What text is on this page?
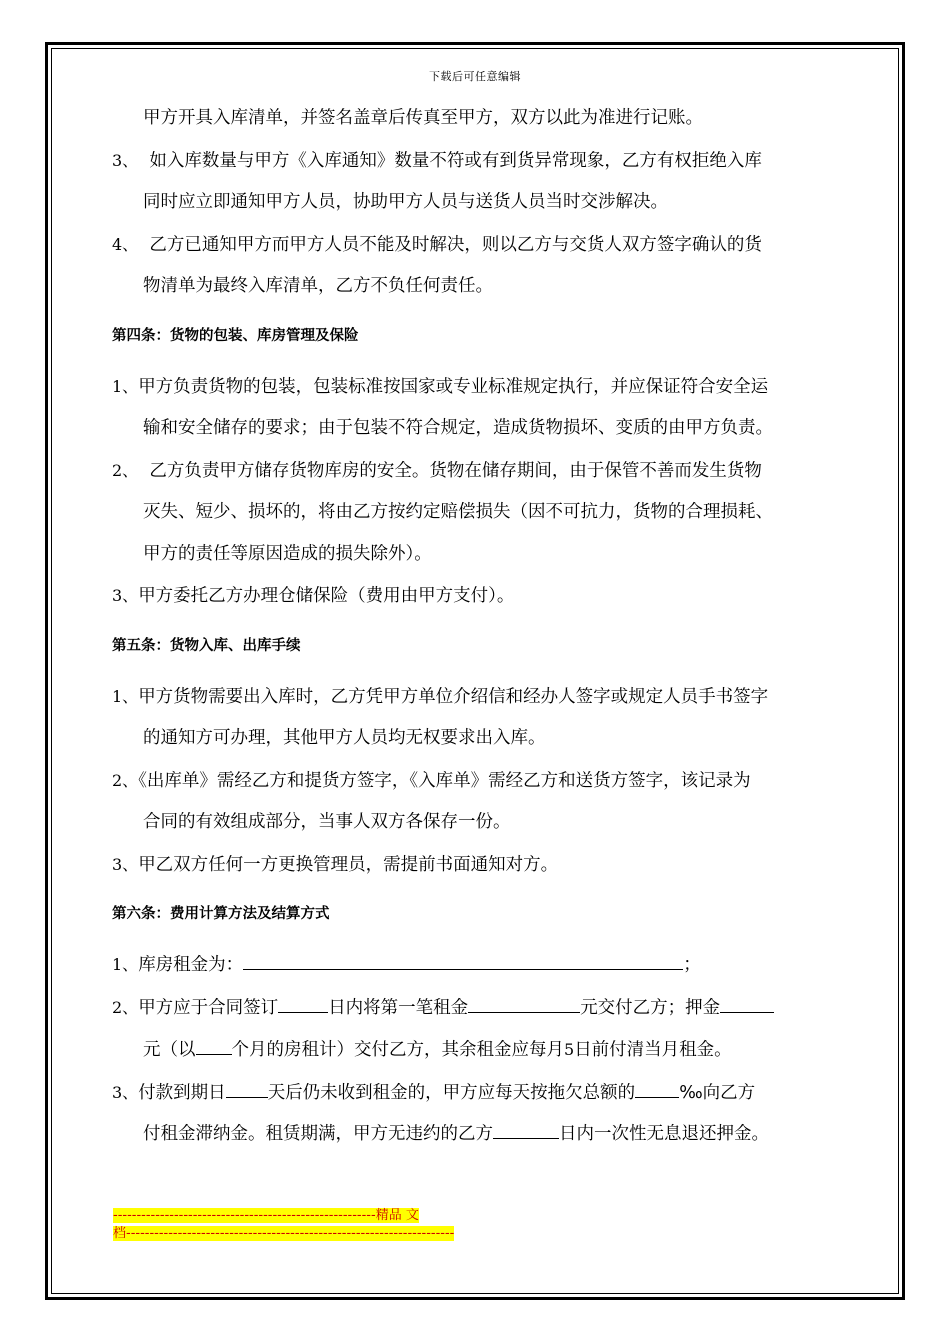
下载后可任意编辑
甲方开具入库清单，并签名盖章后传真至甲方，双方以此为准进行记账。
3、 如入库数量与甲方《入库通知》数量不符或有到货异常现象，乙方有权拒绝入库
同时应立即通知甲方人员，协助甲方人员与送货人员当时交涉解决。
4、 乙方已通知甲方而甲方人员不能及时解决，则以乙方与交货人双方签字确认的货
物清单为最终入库清单，乙方不负任何责任。
第四条：货物的包装、库房管理及保险
1、甲方负责货物的包装，包装标准按国家或专业标准规定执行，并应保证符合安全运
输和安全储存的要求；由于包装不符合规定，造成货物损坏、变质的由甲方负责。
2、 乙方负责甲方储存货物库房的安全。货物在储存期间，由于保管不善而发生货物
灭失、短少、损坏的，将由乙方按约定赔偿损失（因不可抗力，货物的合理损耗、
甲方的责任等原因造成的损失除外）。
3、甲方委托乙方办理仓储保险（费用由甲方支付）。
第五条：货物入库、出库手续
1、甲方货物需要出入库时，乙方凭甲方单位介绍信和经办人签字或规定人员手书签字
的通知方可办理，其他甲方人员均无权要求出入库。
2、《出库单》需经乙方和提货方签字，《入库单》需经乙方和送货方签字，该记录为
合同的有效组成部分，当事人双方各保存一份。
3、甲乙双方任何一方更换管理员，需提前书面通知对方。
第六条：费用计算方法及结算方式
1、库房租金为：	；
2、甲方应于合同签订	日内将第一笔租金	元交付乙方；押金
元（以 个月的房租计）交付乙方，其余租金应每月5日前付清当月租金。
3、付款到期日 天后仍未收到租金的，甲方应每天按拖欠总额的	‰向乙方
付租金滞纳金。租赁期满，甲方无违约的乙方	日内一次性无息退还押金。
--------------------------------------------------------精品 文
档----------------------------------------------------------------------
